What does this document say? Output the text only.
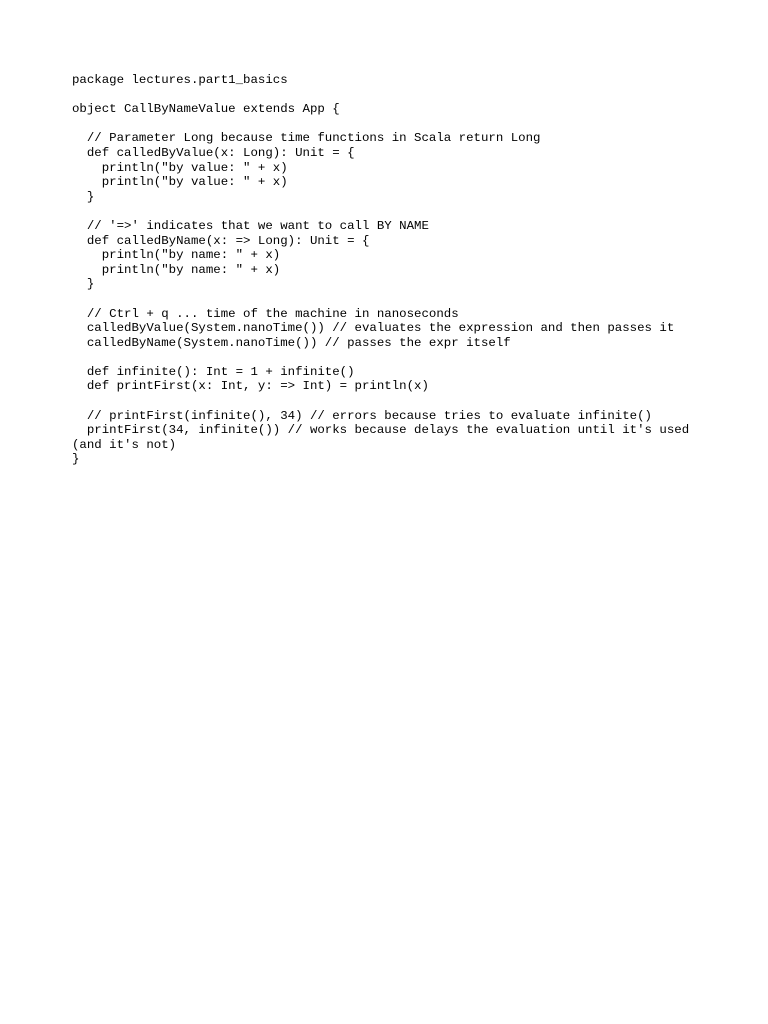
package lectures.part1_basics
object CallByNameValue extends App {
// Parameter Long because time functions in Scala return Long
def calledByValue(x: Long): Unit = {
println("by value: " + x)
println("by value: " + x)
}
// '=>' indicates that we want to call BY NAME
def calledByName(x: => Long): Unit = {
println("by name: " + x)
println("by name: " + x)
}
// Ctrl + q ... time of the machine in nanoseconds
calledByValue(System.nanoTime()) // evaluates the expression and then passes it
calledByName(System.nanoTime()) // passes the expr itself
def infinite(): Int = 1 + infinite()
def printFirst(x: Int, y: => Int) = println(x)
// printFirst(infinite(), 34) // errors because tries to evaluate infinite()
printFirst(34, infinite()) // works because delays the evaluation until it's used
(and it's not)
}
